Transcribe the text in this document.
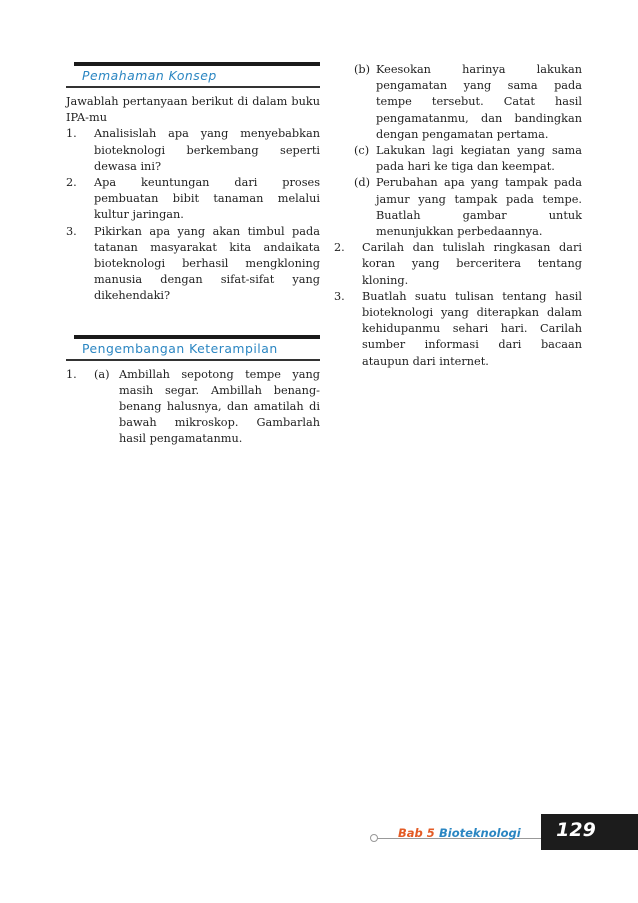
Pemahaman Konsep

Jawablah pertanyaan berikut di dalam buku IPA-mu

1.	Analisislah apa yang menyebabkan bioteknologi berkembang seperti dewasa ini?
2.	Apa keuntungan dari proses pembuatan bibit tanaman melalui kultur jaringan.
3.	Pikirkan apa yang akan timbul pada tatanan masyarakat kita andaikata bioteknologi berhasil mengkloning manusia dengan sifat-sifat yang dikehendaki?
Pengembangan Keterampilan
1.	(a) Ambillah sepotong tempe yang masih segar. Ambillah benang-benang halusnya, dan amatilah di bawah mikroskop. Gambarlah hasil pengamatanmu.
(b) Keesokan harinya lakukan pengamatan yang sama pada tempe tersebut. Catat hasil pengamatanmu, dan bandingkan dengan pengamatan pertama.
(c) Lakukan lagi kegiatan yang sama pada hari ke tiga dan keempat.
(d) Perubahan apa yang tampak pada jamur yang tampak pada tempe. Buatlah gambar untuk menunjukkan perbedaannya.
2.	Carilah dan tulislah ringkasan dari koran yang berceritera tentang kloning.
3.	Buatlah suatu tulisan tentang hasil bioteknologi yang diterapkan dalam kehidupanmu sehari hari. Carilah sumber informasi dari bacaan ataupun dari internet.
Bab 5 Bioteknologi	129
